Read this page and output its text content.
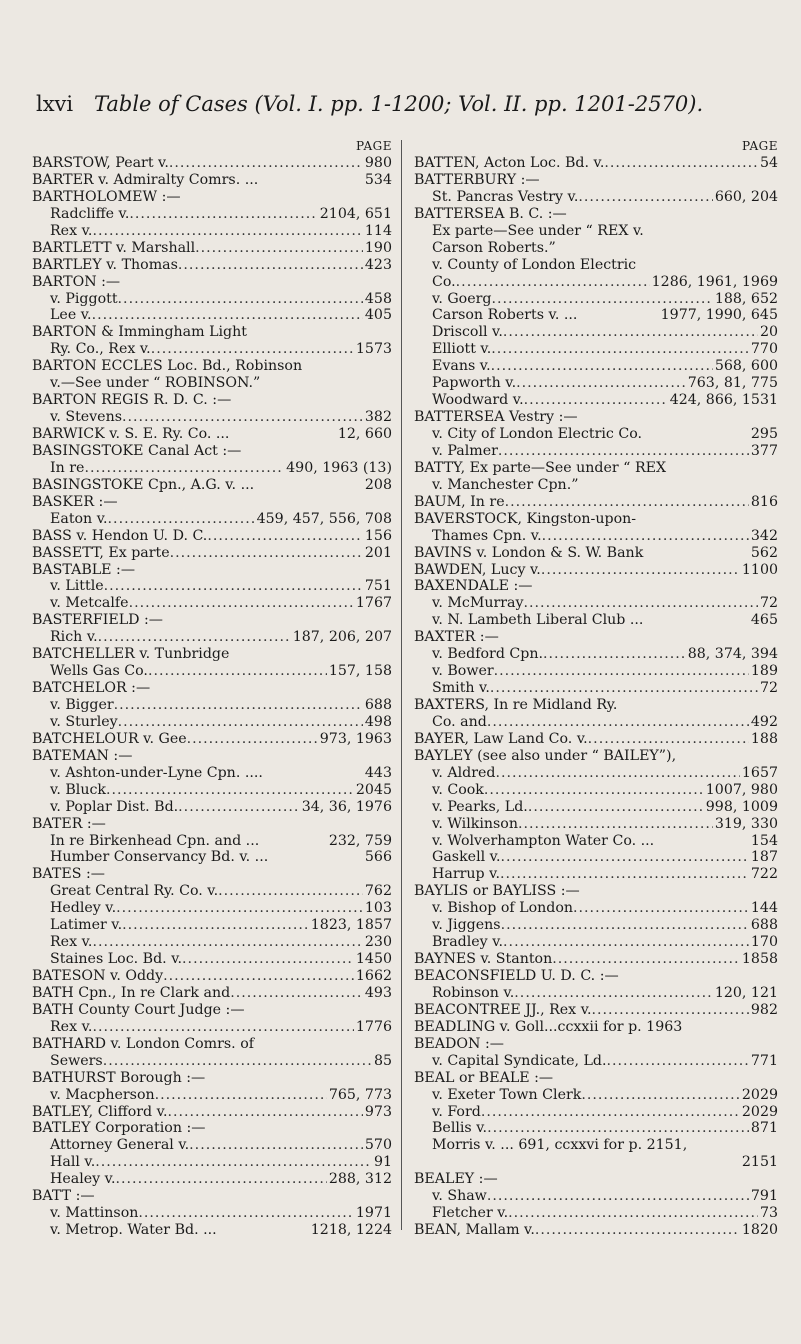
lxvi Table of Cases (Vol. I. pp. 1-1200; Vol. II. pp. 1201-2570).
PAGE
BARSTOW, Peart v. .....	980
BARTER v. Admiralty Comrs. ...	534
BARTHOLOMEW :—
Radcliffe v. .....	2104, 651
Rex v. .....	114
BARTLETT v. Marshall .....	190
BARTLEY v. Thomas .....	423
BARTON :—
v. Piggott .....	458
Lee v. .....	405
BARTON & Immingham Light
Ry. Co., Rex v. .....	1573
BARTON ECCLES Loc. Bd., Robinson
v.—See under “ ROBINSON.”
BARTON REGIS R. D. C. :—
v. Stevens .....	382
BARWICK v. S. E. Ry. Co. ...	12, 660
BASINGSTOKE Canal Act :—
In re .....	490, 1963 (13)
BASINGSTOKE Cpn., A.G. v. ...	208
BASKER :—
Eaton v. .....	459, 457, 556, 708
BASS v. Hendon U. D. C. .....	156
BASSETT, Ex parte .....	201
BASTABLE :—
v. Little .....	751
v. Metcalfe .....	1767
BASTERFIELD :—
Rich v. .....	187, 206, 207
BATCHELLER v. Tunbridge
Wells Gas Co. .....	157, 158
BATCHELOR :—
v. Bigger .....	688
v. Sturley .....	498
BATCHELOUR v. Gee .....	973, 1963
BATEMAN :—
v. Ashton-under-Lyne Cpn. ....	443
v. Bluck .....	2045
v. Poplar Dist. Bd. .....	34, 36, 1976
BATER :—
In re Birkenhead Cpn. and ...	232, 759
Humber Conservancy Bd. v. ...	566
BATES :—
Great Central Ry. Co. v. .....	762
Hedley v. .....	103
Latimer v. .....	1823, 1857
Rex v. .....	230
Staines Loc. Bd. v. .....	1450
BATESON v. Oddy .....	1662
BATH Cpn., In re Clark and .....	493
BATH County Court Judge :—
Rex v. .....	1776
BATHARD v. London Comrs. of
Sewers .....	85
BATHURST Borough :—
v. Macpherson .....	765, 773
BATLEY, Clifford v. .....	973
BATLEY Corporation :—
Attorney General v. .....	570
Hall v. .....	91
Healey v. .....	288, 312
BATT :—
v. Mattinson .....	1971
v. Metrop. Water Bd. ...	1218, 1224
PAGE
BATTEN, Acton Loc. Bd. v. .....	54
BATTERBURY :—
St. Pancras Vestry v. .....	660, 204
BATTERSEA B. C. :—
Ex parte—See under “ REX v.
Carson Roberts.”
v. County of London Electric
Co. .....	1286, 1961, 1969
v. Goerg .....	188, 652
Carson Roberts v. ...	1977, 1990, 645
Driscoll v. .....	20
Elliott v. .....	770
Evans v. .....	568, 600
Papworth v. .....	763, 81, 775
Woodward v. .....	424, 866, 1531
BATTERSEA Vestry :—
v. City of London Electric Co.	295
v. Palmer .....	377
BATTY, Ex parte—See under “ REX
v. Manchester Cpn.”
BAUM, In re .....	816
BAVERSTOCK, Kingston-upon-
Thames Cpn. v. .....	342
BAVINS v. London & S. W. Bank	562
BAWDEN, Lucy v. .....	1100
BAXENDALE :—
v. McMurray .....	72
v. N. Lambeth Liberal Club ...	465
BAXTER :—
v. Bedford Cpn. .....	88, 374, 394
v. Bower .....	189
Smith v. .....	72
BAXTERS, In re Midland Ry.
Co. and .....	492
BAYER, Law Land Co. v. .....	188
BAYLEY (see also under “ BAILEY”),
v. Aldred .....	1657
v. Cook .....	1007, 980
v. Pearks, Ld. .....	998, 1009
v. Wilkinson .....	319, 330
v. Wolverhampton Water Co. ...	154
Gaskell v. .....	187
Harrup v. .....	722
BAYLIS or BAYLISS :—
v. Bishop of London .....	144
v. Jiggens .....	688
Bradley v. .....	170
BAYNES v. Stanton .....	1858
BEACONSFIELD U. D. C. :—
Robinson v. .....	120, 121
BEACONTREE JJ., Rex v. .....	982
BEADLING v. Goll...ccxxii for p. 1963
BEADON :—
v. Capital Syndicate, Ld. .....	771
BEAL or BEALE :—
v. Exeter Town Clerk .....	2029
v. Ford .....	2029
Bellis v. .....	871
Morris v. ... 691, ccxxvi for p. 2151,
2151
BEALEY :—
v. Shaw .....	791
Fletcher v. .....	73
BEAN, Mallam v. .....	1820
